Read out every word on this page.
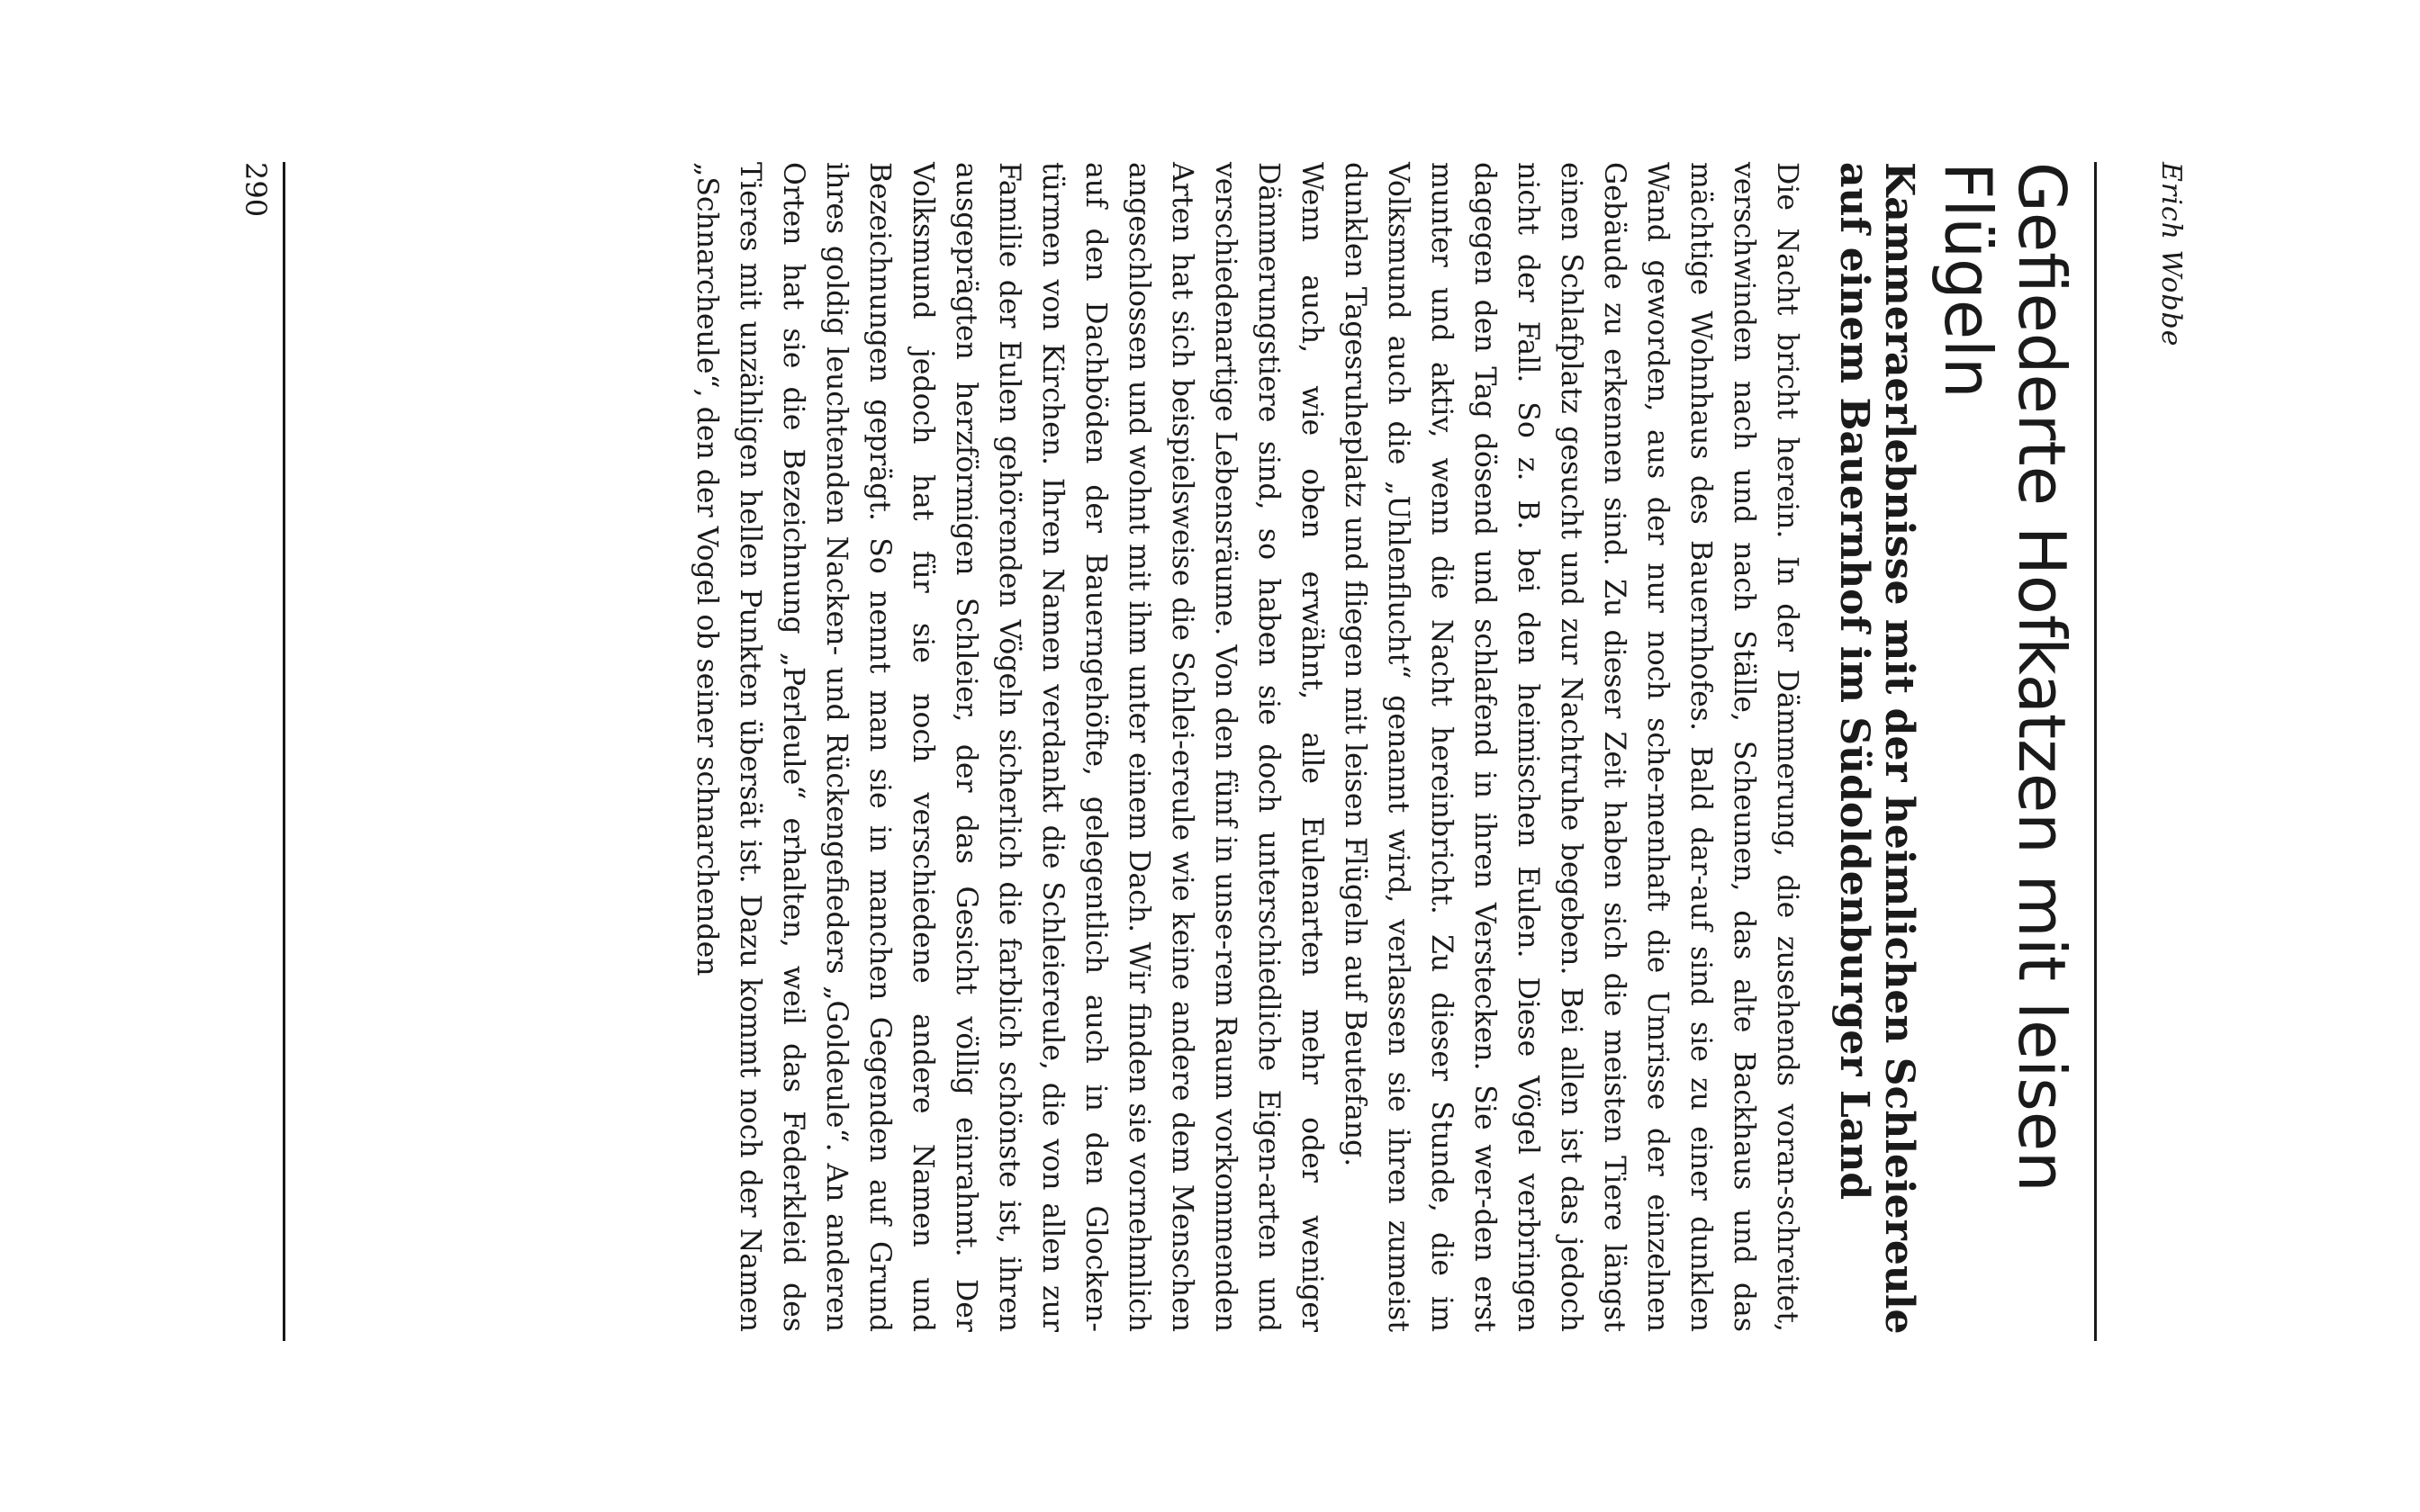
Erich Wobbe
Gefiederte Hofkatzen mit leisen Flügeln
Kammeraerlebnisse mit der heimlichen Schleiereule auf einem Bauernhof im Südoldenburger Land

Die Nacht bricht herein. In der Dämmerung, die zusehends voran-schreitet, verschwinden nach und nach Ställe, Scheunen, das alte Backhaus und das mächtige Wohnhaus des Bauernhofes. Bald dar-auf sind sie zu einer dunklen Wand geworden, aus der nur noch sche-menhaft die Umrisse der einzelnen Gebäude zu erkennen sind. Zu dieser Zeit haben sich die meisten Tiere längst einen Schlafplatz gesucht und zur Nachtruhe begeben. Bei allen ist das jedoch nicht der Fall. So z. B. bei den heimischen Eulen. Diese Vögel verbringen dagegen den Tag dösend und schlafend in ihren Verstecken. Sie wer-den erst munter und aktiv, wenn die Nacht hereinbricht. Zu dieser Stunde, die im Volksmund auch die „Uhlenflucht“ genannt wird, verlassen sie ihren zumeist dunklen Tagesruheplatz und fliegen mit leisen Flügeln auf Beutefang.

Wenn auch, wie oben erwähnt, alle Eulenarten mehr oder weniger Dämmerungstiere sind, so haben sie doch unterschiedliche Eigen-arten und verschiedenartige Lebensräume. Von den fünf in unse-rem Raum vorkommenden Arten hat sich beispielsweise die Schlei-ereule wie keine andere dem Menschen angeschlossen und wohnt mit ihm unter einem Dach. Wir finden sie vornehmlich auf den Dachböden der Bauerngehöfte, gelegentlich auch in den Glocken-türmen von Kirchen. Ihren Namen verdankt die Schleiereule, die von allen zur Familie der Eulen gehörenden Vögeln sicherlich die farblich schönste ist, ihren ausgeprägten herzförmigen Schleier, der das Gesicht völlig einrahmt. Der Volksmund jedoch hat für sie noch verschiedene andere Namen und Bezeichnungen geprägt. So nennt man sie in manchen Gegenden auf Grund ihres goldig leuchtenden Nacken- und Rückengefieders „Goldeule“. An anderen Orten hat sie die Bezeichnung „Perleule“ erhalten, weil das Federkleid des Tieres mit unzähligen hellen Punkten übersät ist. Dazu kommt noch der Namen „Schnarcheule“, den der Vogel ob seiner schnarchenden

290
